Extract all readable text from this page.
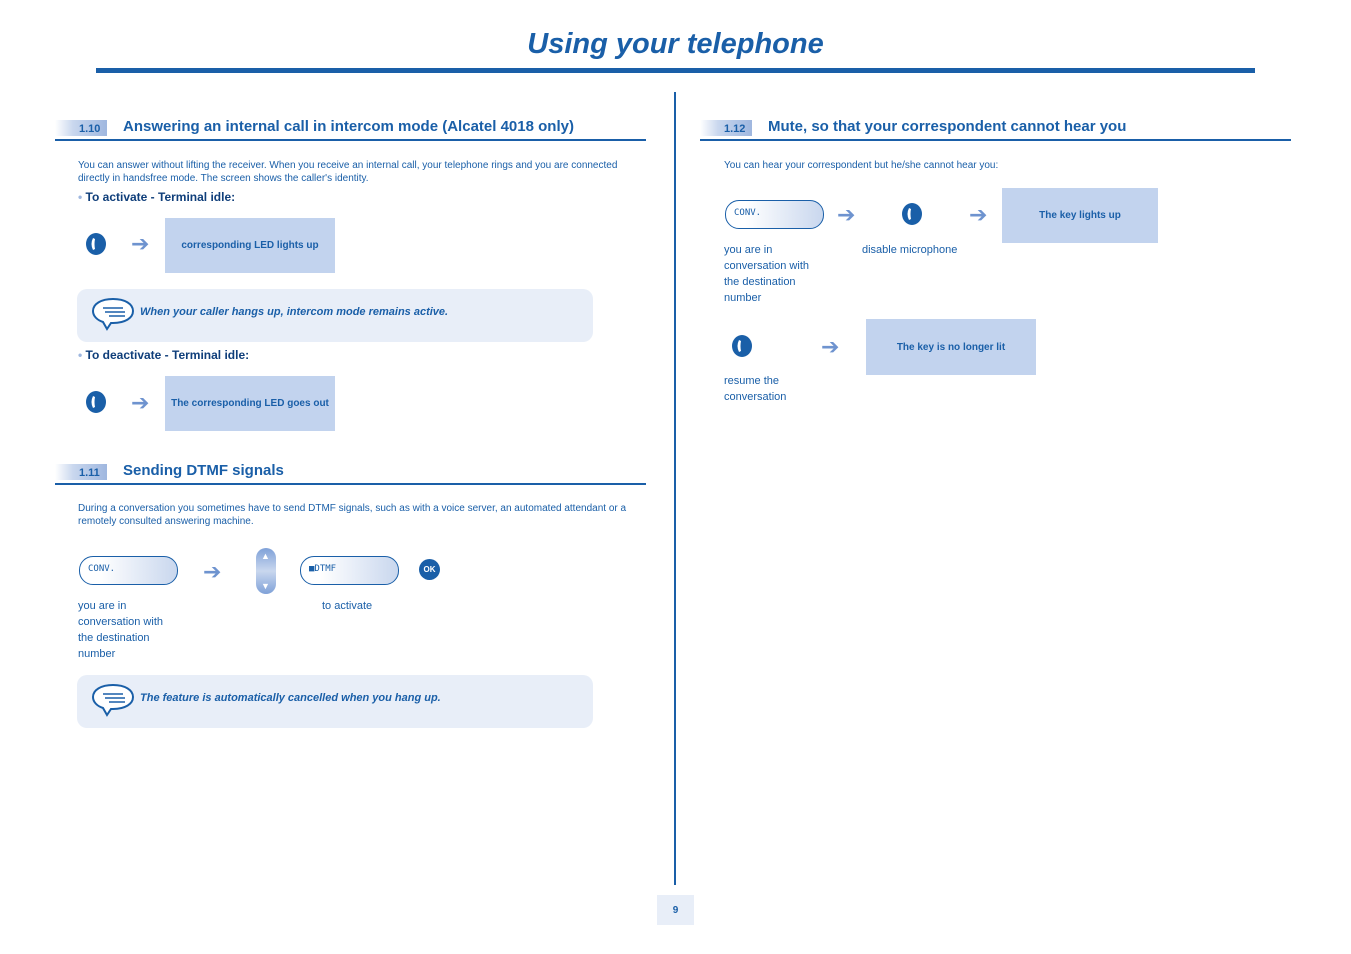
Using your telephone
1.10 Answering an internal call in intercom mode (Alcatel 4018 only)
You can answer without lifting the receiver. When you receive an internal call, your telephone rings and you are connected directly in handsfree mode. The screen shows the caller's identity.
• To activate - Terminal idle:
➔	corresponding LED lights up
When your caller hangs up, intercom mode remains active.
• To deactivate - Terminal idle:
➔	The corresponding LED goes out
1.11 Sending DTMF signals
During a conversation you sometimes have to send DTMF signals, such as with a voice server, an automated attendant or a remotely consulted answering machine.
CONV.	➔
▲
▼
■DTMF	OK
you are in conversation with the destination number
to activate
The feature is automatically cancelled when you hang up.
1.12 Mute, so that your correspondent cannot hear you
You can hear your correspondent but he/she cannot hear you:
CONV.	➔	➔	The key lights up
you are in conversation with the destination number
disable microphone
➔	The key is no longer lit
resume the conversation
9
